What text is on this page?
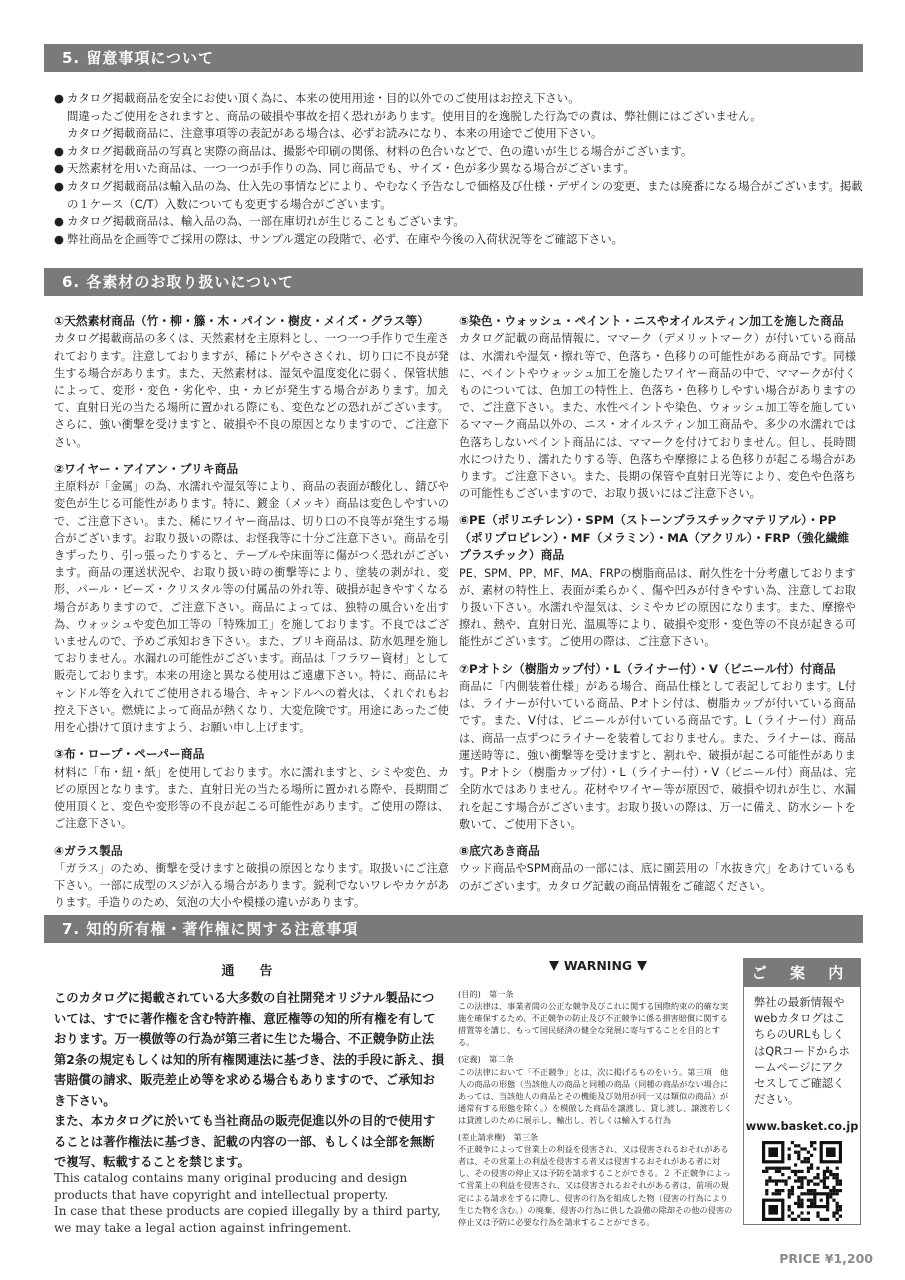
5. 留意事項について
● カタログ掲載商品を安全にお使い頂く為に、本来の使用用途・目的以外でのご使用はお控え下さい。
間違ったご使用をされますと、商品の破損や事故を招く恐れがあります。使用目的を逸脱した行為での責は、弊社側にはございません。
カタログ掲載商品に、注意事項等の表記がある場合は、必ずお読みになり、本来の用途でご使用下さい。
● カタログ掲載商品の写真と実際の商品は、撮影や印刷の関係、材料の色合いなどで、色の違いが生じる場合がございます。
● 天然素材を用いた商品は、一つ一つが手作りの為、同じ商品でも、サイズ・色が多少異なる場合がございます。
● カタログ掲載商品は輸入品の為、仕入先の事情などにより、やむなく予告なしで価格及び仕様・デザインの変更、または廃番になる場合がございます。掲載の１ケース（C/T）入数についても変更する場合がございます。
● カタログ掲載商品は、輸入品の為、一部在庫切れが生じることもございます。
● 弊社商品を企画等でご採用の際は、サンプル選定の段階で、必ず、在庫や今後の入荷状況等をご確認下さい。
6. 各素材のお取り扱いについて
①天然素材商品（竹・柳・籐・木・パイン・樹皮・メイズ・グラス等）

カタログ掲載商品の多くは、天然素材を主原料とし、一つ一つ手作りで生産されております。注意しておりますが、稀にトゲやささくれ、切り口に不良が発生する場合があります。また、天然素材は、湿気や温度変化に弱く、保管状態によって、変形・変色・劣化や、虫・カビが発生する場合があります。加えて、直射日光の当たる場所に置かれる際にも、変色などの恐れがございます。さらに、強い衝撃を受けますと、破損や不良の原因となりますので、ご注意下さい。

②ワイヤー・アイアン・ブリキ商品

主原料が「金属」の為、水濡れや湿気等により、商品の表面が酸化し、錆びや変色が生じる可能性があります。特に、鍍金（メッキ）商品は変色しやすいので、ご注意下さい。また、稀にワイヤー商品は、切り口の不良等が発生する場合がございます。お取り扱いの際は、お怪我等に十分ご注意下さい。商品を引きずったり、引っ張ったりすると、テーブルや床面等に傷がつく恐れがございます。商品の運送状況や、お取り扱い時の衝撃等により、塗装の剥がれ、変形、パール・ビーズ・クリスタル等の付属品の外れ等、破損が起きやすくなる場合がありますので、ご注意下さい。商品によっては、独特の風合いを出す為、ウォッシュや変色加工等の「特殊加工」を施しております。不良ではございませんので、予めご承知おき下さい。また、ブリキ商品は、防水処理を施しておりません。水漏れの可能性がございます。商品は「フラワー資材」として販売しております。本来の用途と異なる使用はご遠慮下さい。特に、商品にキャンドル等を入れてご使用される場合、キャンドルへの着火は、くれぐれもお控え下さい。燃焼によって商品が熱くなり、大変危険です。用途にあったご使用を心掛けて頂けますよう、お願い申し上げます。

③布・ロープ・ペーパー商品

材料に「布・紐・紙」を使用しております。水に濡れますと、シミや変色、カビの原因となります。また、直射日光の当たる場所に置かれる際や、長期間ご使用頂くと、変色や変形等の不良が起こる可能性があります。ご使用の際は、ご注意下さい。

④ガラス製品

「ガラス」のため、衝撃を受けますと破損の原因となります。取扱いにご注意下さい。一部に成型のスジが入る場合があります。鋭利でないワレやカケがあります。手造りのため、気泡の大小や模様の違いがあります。

⑤染色・ウォッシュ・ペイント・ニスやオイルスティン加工を施した商品

カタログ記載の商品情報に、ママーク（デメリットマーク）が付いている商品は、水濡れや湿気・擦れ等で、色落ち・色移りの可能性がある商品です。同様に、ペイントやウォッシュ加工を施したワイヤー商品の中で、ママークが付くものについては、色加工の特性上、色落ち・色移りしやすい場合がありますので、ご注意下さい。また、水性ペイントや染色、ウォッシュ加工等を施しているママーク商品以外の、ニス・オイルスティン加工商品や、多少の水濡れでは色落ちしないペイント商品には、ママークを付けておりません。但し、長時間水につけたり、濡れたりする等、色落ちや摩擦による色移りが起こる場合があります。ご注意下さい。また、長期の保管や直射日光等により、変色や色落ちの可能性もございますので、お取り扱いにはご注意下さい。

⑥PE（ポリエチレン）・SPM（ストーンプラスチックマテリアル）・PP（ポリプロピレン）・MF（メラミン）・MA（アクリル）・FRP（強化繊維プラスチック）商品

PE、SPM、PP、MF、MA、FRPの樹脂商品は、耐久性を十分考慮しておりますが、素材の特性上、表面が柔らかく、傷や凹みが付きやすい為、注意してお取り扱い下さい。水濡れや湿気は、シミやカビの原因になります。また、摩擦や擦れ、熱や、直射日光、温風等により、破損や変形・変色等の不良が起きる可能性がございます。ご使用の際は、ご注意下さい。

⑦Pオトシ（樹脂カップ付）・L（ライナー付）・V（ビニール付）付商品

商品に「内側装着仕様」がある場合、商品仕様として表記しております。L付は、ライナーが付いている商品、Pオトシ付は、樹脂カップが付いている商品です。また、V付は、ビニールが付いている商品です。L（ライナー付）商品は、商品一点ずつにライナーを装着しておりません。また、ライナーは、商品運送時等に、強い衝撃等を受けますと、割れや、破損が起こる可能性があります。Pオトシ（樹脂カップ付）・L（ライナー付）・V（ビニール付）商品は、完全防水ではありません。花材やワイヤー等が原因で、破損や切れが生じ、水漏れを起こす場合がございます。お取り扱いの際は、万一に備え、防水シートを敷いて、ご使用下さい。

⑧底穴あき商品

ウッド商品やSPM商品の一部には、底に園芸用の「水抜き穴」をあけているものがございます。カタログ記載の商品情報をご確認ください。

7. 知的所有権・著作権に関する注意事項
通　告

このカタログに掲載されている大多数の自社開発オリジナル製品については、すでに著作権を含む特許権、意匠権等の知的所有権を有しております。万一模倣等の行為が第三者に生じた場合、不正競争防止法第2条の規定もしくは知的所有権関連法に基づき、法的手段に訴え、損害賠償の請求、販売差止め等を求める場合もありますので、ご承知おき下さい。

また、本カタログに於いても当社商品の販売促進以外の目的で使用することは著作権法に基づき、記載の内容の一部、もしくは全部を無断で複写、転載することを禁じます。

This catalog contains many original producing and design products that have copyright and intellectual property.

In case that these products are copied illegally by a third party, we may take a legal action against infringement.

WARNING

(目的)　第一条

この法律は、事業者間の公正な競争及びこれに関する国際約束の的確な実施を確保するため、不正競争の防止及び不正競争に係る損害賠償に関する措置等を講じ、もって国民経済の健全な発展に寄与することを目的とする。

(定義)　第二条

この法律において「不正競争」とは、次に掲げるものをいう。第三項　他人の商品の形態（当該他人の商品と同種の商品（同種の商品がない場合にあっては、当該他人の商品とその機能及び効用が同一又は類似の商品）が通常有する形態を除く。）を模倣した商品を譲渡し、貸し渡し、譲渡若しくは貸渡しのために展示し、輸出し、若しくは輸入する行為

(差止請求権)　第三条

不正競争によって営業上の利益を侵害され、又は侵害されるおそれがある者は、その営業上の利益を侵害する者又は侵害するおそれがある者に対し、その侵害の停止又は予防を請求することができる。２ 不正競争によって営業上の利益を侵害され、又は侵害されるおそれがある者は、前項の規定による請求をするに際し、侵害の行為を組成した物（侵害の行為により生じた物を含む。）の廃棄、侵害の行為に供した設備の除却その他の侵害の停止又は予防に必要な行為を請求することができる。

ご 案 内
弊社の最新情報やwebカタログはこちらのURLもしくはQRコードからホームページにアクセスしてご確認ください。
www.basket.co.jp
PRICE ¥1,200
